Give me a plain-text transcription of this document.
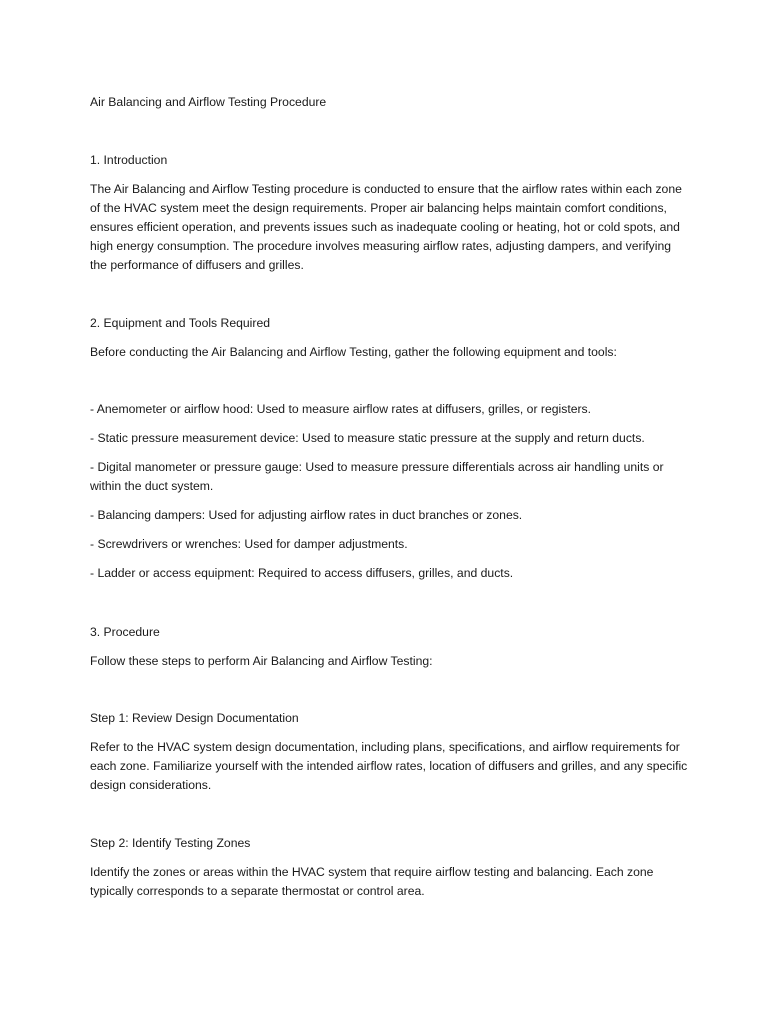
Air Balancing and Airflow Testing Procedure

1. Introduction

The Air Balancing and Airflow Testing procedure is conducted to ensure that the airflow rates within each zone of the HVAC system meet the design requirements. Proper air balancing helps maintain comfort conditions, ensures efficient operation, and prevents issues such as inadequate cooling or heating, hot or cold spots, and high energy consumption. The procedure involves measuring airflow rates, adjusting dampers, and verifying the performance of diffusers and grilles.

2. Equipment and Tools Required

Before conducting the Air Balancing and Airflow Testing, gather the following equipment and tools:

- Anemometer or airflow hood: Used to measure airflow rates at diffusers, grilles, or registers.

- Static pressure measurement device: Used to measure static pressure at the supply and return ducts.

- Digital manometer or pressure gauge: Used to measure pressure differentials across air handling units or within the duct system.

- Balancing dampers: Used for adjusting airflow rates in duct branches or zones.

- Screwdrivers or wrenches: Used for damper adjustments.

- Ladder or access equipment: Required to access diffusers, grilles, and ducts.

3. Procedure

Follow these steps to perform Air Balancing and Airflow Testing:

Step 1: Review Design Documentation

Refer to the HVAC system design documentation, including plans, specifications, and airflow requirements for each zone. Familiarize yourself with the intended airflow rates, location of diffusers and grilles, and any specific design considerations.

Step 2: Identify Testing Zones

Identify the zones or areas within the HVAC system that require airflow testing and balancing. Each zone typically corresponds to a separate thermostat or control area.
